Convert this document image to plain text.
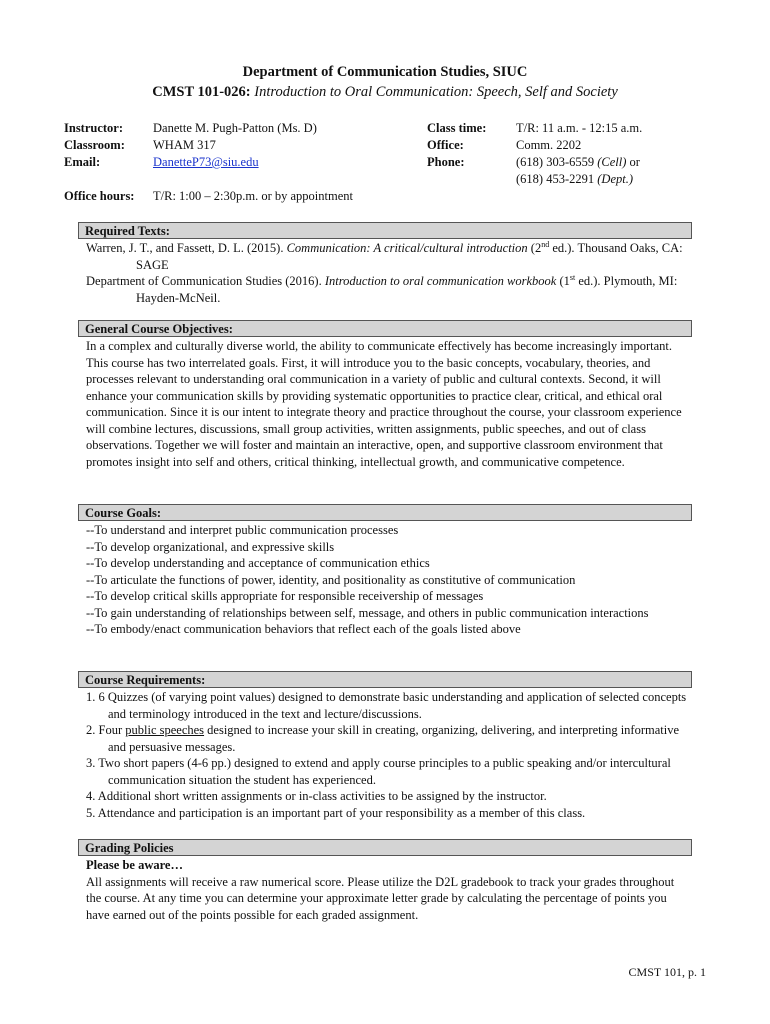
Department of Communication Studies, SIUC
CMST 101-026: Introduction to Oral Communication: Speech, Self and Society
Instructor: Danette M. Pugh-Patton (Ms. D)
Classroom: WHAM 317
Email:	DanetteP73@siu.edu
Office hours: T/R: 1:00 – 2:30p.m. or by appointment
Class time: T/R: 11 a.m. - 12:15 a.m.
Office:	Comm. 2202
Phone:	(618) 303-6559 (Cell) or
(618) 453-2291 (Dept.)
Required Texts:
Warren, J. T., and Fassett, D. L. (2015). Communication: A critical/cultural introduction (2nd ed.). Thousand Oaks, CA: SAGE
Department of Communication Studies (2016). Introduction to oral communication workbook (1st ed.). Plymouth, MI: Hayden-McNeil.
General Course Objectives:
In a complex and culturally diverse world, the ability to communicate effectively has become increasingly important. This course has two interrelated goals. First, it will introduce you to the basic concepts, vocabulary, theories, and processes relevant to understanding oral communication in a variety of public and cultural contexts. Second, it will enhance your communication skills by providing systematic opportunities to practice clear, critical, and ethical oral communication. Since it is our intent to integrate theory and practice throughout the course, your classroom experience will combine lectures, discussions, small group activities, written assignments, public speeches, and out of class observations. Together we will foster and maintain an interactive, open, and supportive classroom environment that promotes insight into self and others, critical thinking, intellectual growth, and communicative competence.
Course Goals:
--To understand and interpret public communication processes
--To develop organizational, and expressive skills
--To develop understanding and acceptance of communication ethics
--To articulate the functions of power, identity, and positionality as constitutive of communication
--To develop critical skills appropriate for responsible receivership of messages
--To gain understanding of relationships between self, message, and others in public communication interactions
--To embody/enact communication behaviors that reflect each of the goals listed above
Course Requirements:
1. 6 Quizzes (of varying point values) designed to demonstrate basic understanding and application of selected concepts and terminology introduced in the text and lecture/discussions.
2. Four public speeches designed to increase your skill in creating, organizing, delivering, and interpreting informative and persuasive messages.
3. Two short papers (4-6 pp.) designed to extend and apply course principles to a public speaking and/or intercultural communication situation the student has experienced.
4. Additional short written assignments or in-class activities to be assigned by the instructor.
5. Attendance and participation is an important part of your responsibility as a member of this class.
Grading Policies
Please be aware…
All assignments will receive a raw numerical score. Please utilize the D2L gradebook to track your grades throughout the course. At any time you can determine your approximate letter grade by calculating the percentage of points you have earned out of the points possible for each graded assignment.
CMST 101, p. 1
